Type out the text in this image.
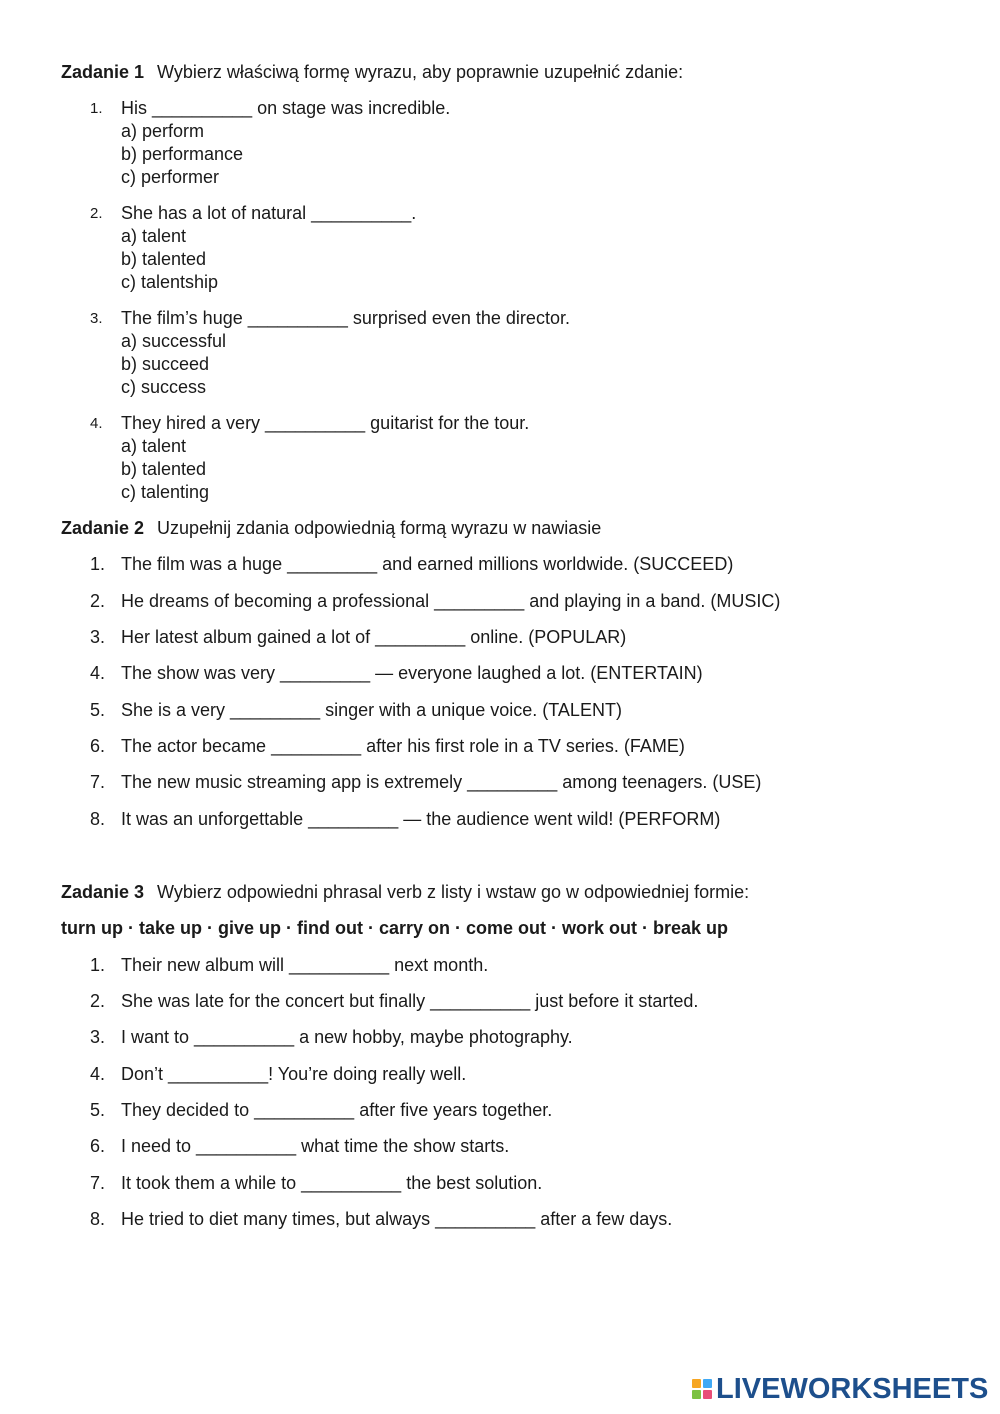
Zadanie 1 Wybierz właściwą formę wyrazu, aby poprawnie uzupełnić zdanie:
1.	His __________ on stage was incredible.
a) perform
b) performance
c) performer
2.	She has a lot of natural __________.
a) talent
b) talented
c) talentship
3.	The film’s huge __________ surprised even the director.
a) successful
b) succeed
c) success
4.	They hired a very __________ guitarist for the tour.
a) talent
b) talented
c) talenting
Zadanie 2 Uzupełnij zdania odpowiednią formą wyrazu w nawiasie
1. The film was a huge _________ and earned millions worldwide. (SUCCEED)
2. He dreams of becoming a professional _________ and playing in a band. (MUSIC)
3. Her latest album gained a lot of _________ online. (POPULAR)
4. The show was very _________ — everyone laughed a lot. (ENTERTAIN)
5. She is a very _________ singer with a unique voice. (TALENT)
6. The actor became _________ after his first role in a TV series. (FAME)
7. The new music streaming app is extremely _________ among teenagers. (USE)
8. It was an unforgettable _________ — the audience went wild! (PERFORM)
Zadanie 3 Wybierz odpowiedni phrasal verb z listy i wstaw go w odpowiedniej formie:
turn up · take up · give up · find out · carry on · come out · work out · break up
1. Their new album will __________ next month.
2. She was late for the concert but finally __________ just before it started.
3. I want to __________ a new hobby, maybe photography.
4. Don’t __________! You’re doing really well.
5. They decided to __________ after five years together.
6. I need to __________ what time the show starts.
7. It took them a while to __________ the best solution.
8. He tried to diet many times, but always __________ after a few days.
LIVEWORKSHEETS
